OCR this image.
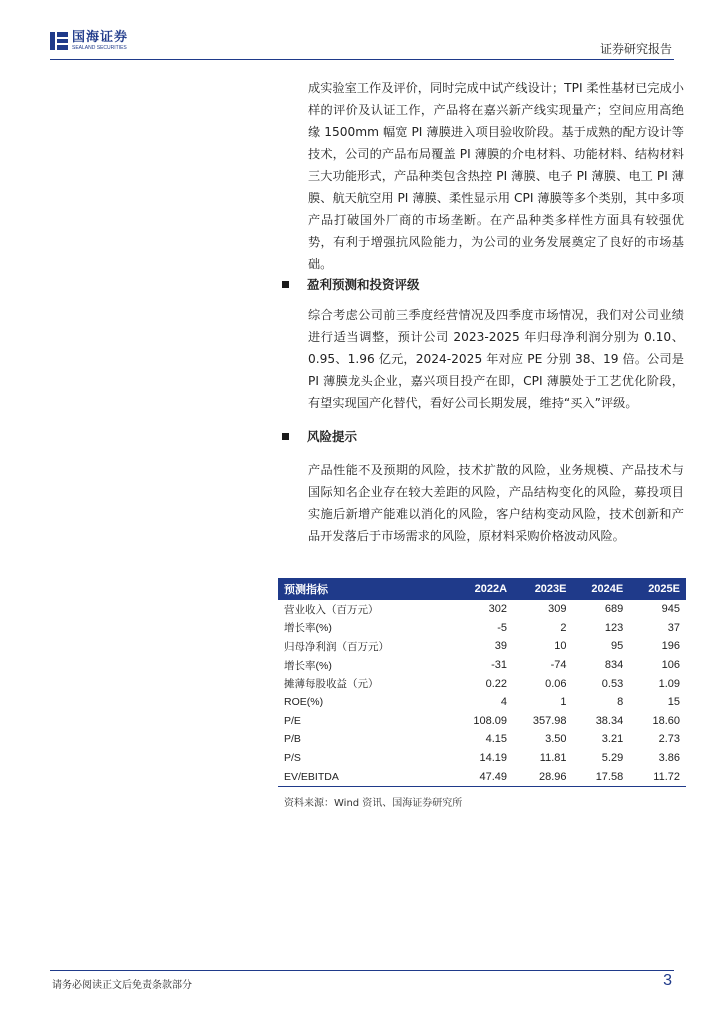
国海证券
SEALAND SECURITIES	证券研究报告

成实验室工作及评价，同时完成中试产线设计；TPI 柔性基材已完成小样的评价及认证工作，产品将在嘉兴新产线实现量产；空间应用高绝缘 1500mm 幅宽 PI 薄膜进入项目验收阶段。基于成熟的配方设计等技术，公司的产品布局覆盖 PI 薄膜的介电材料、功能材料、结构材料三大功能形式，产品种类包含热控 PI 薄膜、电子 PI 薄膜、电工 PI 薄膜、航天航空用 PI 薄膜、柔性显示用 CPI 薄膜等多个类别，其中多项产品打破国外厂商的市场垄断。在产品种类多样性方面具有较强优势，有利于增强抗风险能力，为公司的业务发展奠定了良好的市场基础。

盈利预测和投资评级

综合考虑公司前三季度经营情况及四季度市场情况，我们对公司业绩进行适当调整，预计公司 2023-2025 年归母净利润分别为 0.10、0.95、1.96 亿元，2024-2025 年对应 PE 分别 38、19 倍。公司是 PI 薄膜龙头企业，嘉兴项目投产在即，CPI 薄膜处于工艺优化阶段，有望实现国产化替代，看好公司长期发展，维持“买入”评级。

风险提示

产品性能不及预期的风险，技术扩散的风险，业务规模、产品技术与国际知名企业存在较大差距的风险，产品结构变化的风险，募投项目实施后新增产能难以消化的风险，客户结构变动风险，技术创新和产品开发落后于市场需求的风险，原材料采购价格波动风险。

预测指标	2022A	2023E	2024E	2025E
营业收入（百万元）	302	309	689	945
增长率(%)	-5	2	123	37
归母净利润（百万元）	39	10	95	196
增长率(%)	-31	-74	834	106
摊薄每股收益（元）	0.22	0.06	0.53	1.09
ROE(%)	4	1	8	15
P/E	108.09	357.98	38.34	18.60
P/B	4.15	3.50	3.21	2.73
P/S	14.19	11.81	5.29	3.86
EV/EBITDA	47.49	28.96	17.58	11.72
资料来源：Wind 资讯、国海证券研究所
请务必阅读正文后免责条款部分	3
